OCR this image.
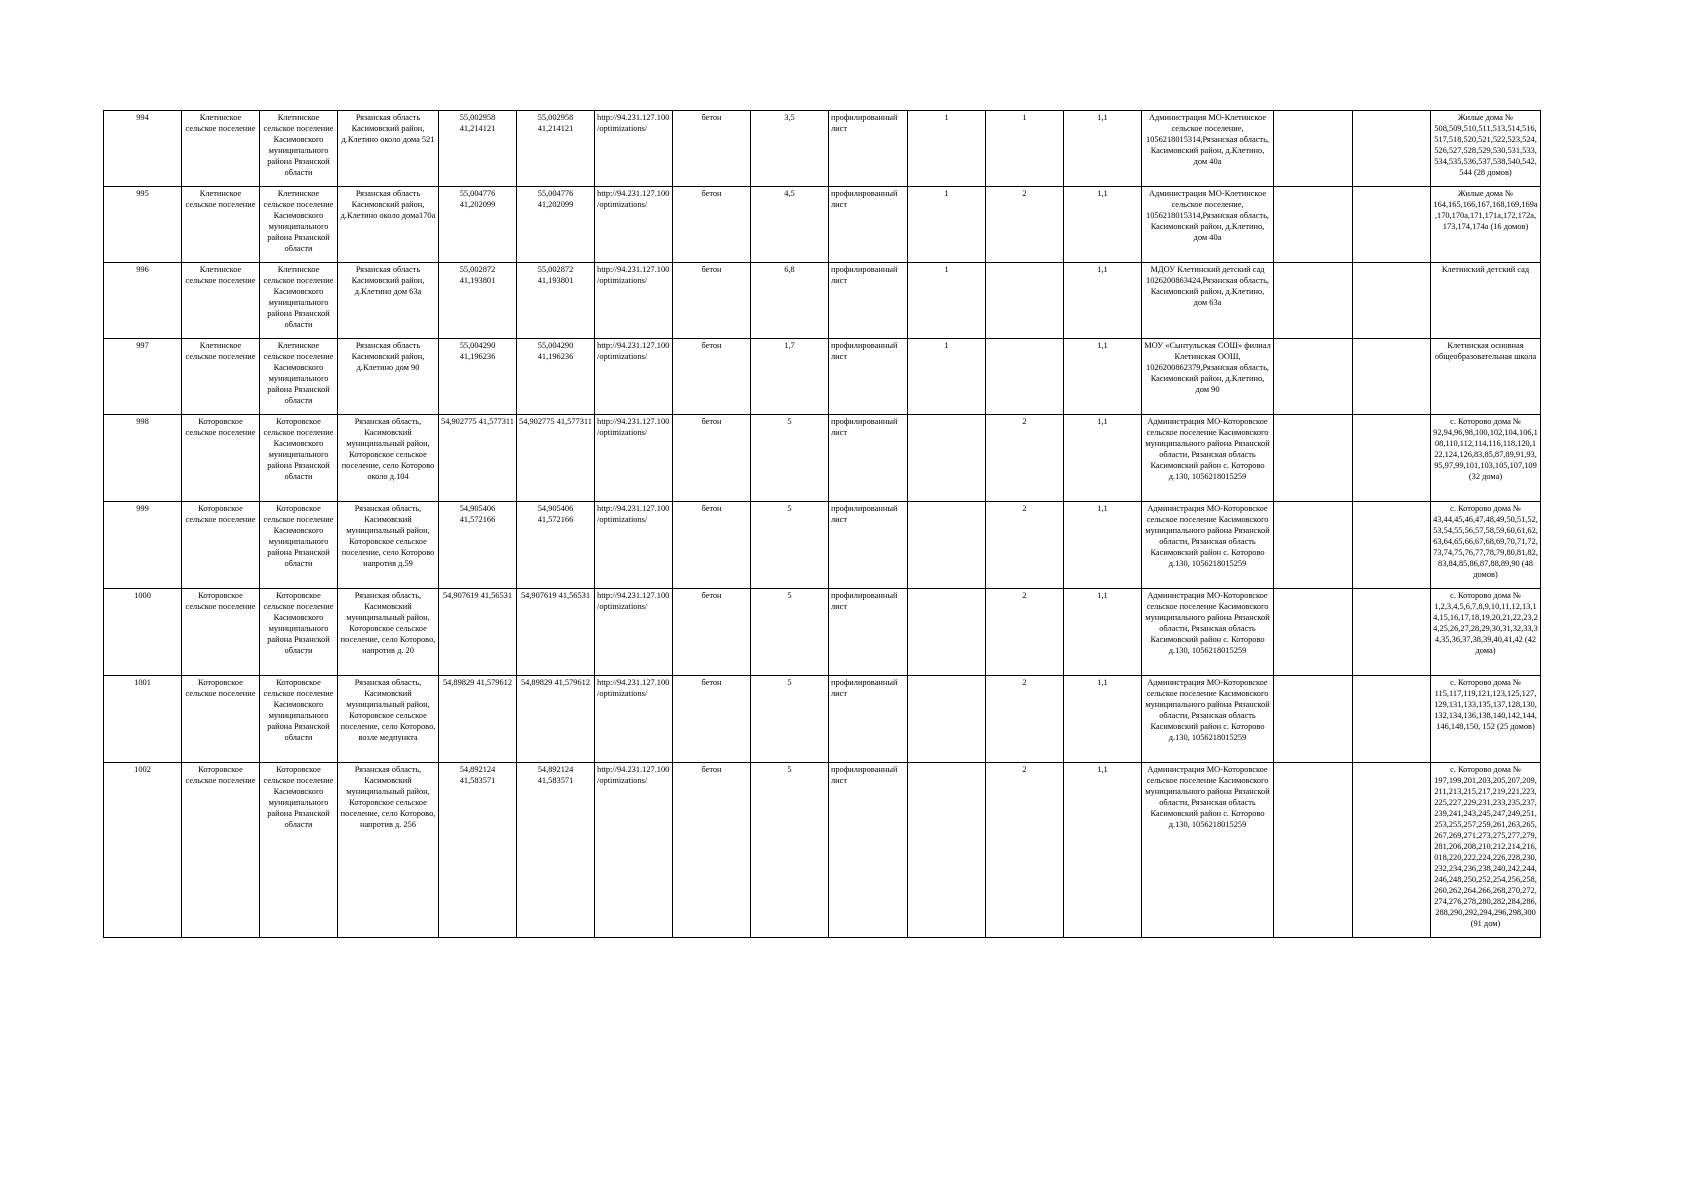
994	Клетинское сельское поселение	Клетинское сельское поселение Касимовского муниципального района Рязанской области	Рязанская область Касимовский район, д.Клетино около дома 521	55,002958 41,214121	55,002958 41,214121	http://94.231.127.100/optimizations/	бетон	3,5	профилированный лист	1	1	1,1	Администрация МО-Клетинское сельское поселение, 1056218015314,Рязанская область, Касимовский район, д.Клетино, дом 40а			Жилые дома № 508,509,510,511,513,514,516,517,518,520,521,522,523,524,526,527,528,529,530,531,533,534,535,536,537,538,540,542,544 (28 домов)
995	Клетинское сельское поселение	Клетинское сельское поселение Касимовского муниципального района Рязанской области	Рязанская область Касимовский район, д.Клетино около дома170а	55,004776 41,202099	55,004776 41,202099	http://94.231.127.100/optimizations/	бетон	4,5	профилированный лист	1	2	1,1	Администрация МО-Клетинское сельское поселение, 1056218015314,Рязанская область, Касимовский район, д.Клетино, дом 40а			Жилые дома № 164,165,166,167,168,169,169а,170,170а,171,171а,172,172а,173,174,174а (16 домов)
996	Клетинское сельское поселение	Клетинское сельское поселение Касимовского муниципального района Рязанской области	Рязанская область Касимовский район, д.Клетино дом 63а	55,002872 41,193801	55,002872 41,193801	http://94.231.127.100/optimizations/	бетон	6,8	профилированный лист	1		1,1	МДОУ Клетинский детский сад 1026200863424,Рязанская область, Касимовский район, д.Клетино, дом 63а			Клетинский детский сад
997	Клетинское сельское поселение	Клетинское сельское поселение Касимовского муниципального района Рязанской области	Рязанская область Касимовский район, д.Клетино дом 90	55,004290 41,196236	55,004290 41,196236	http://94.231.127.100/optimizations/	бетон	1,7	профилированный лист	1		1,1	МОУ «Сынтульская СОШ» филиал Клетинская ООШ, 1026200862379,Рязанская область, Касимовский район, д.Клетино, дом 90			Клетинская основная общеобразовательная школа
998	Которовское сельское поселение	Которовское сельское поселение Касимовского муниципального района Рязанской области	Рязанская область, Касимовский муниципальный район, Которовское сельское поселение, село Которово около д.104	54,902775 41,577311	54,902775 41,577311	http://94.231.127.100/optimizations/	бетон	5	профилированный лист		2	1,1	Администрация МО-Которовское сельское поселение Касимовского муниципального района Рязанской области, Рязанская область Касимовский район с. Которово д.130, 1056218015259			с. Которово дома № 92,94,96,98,100,102,104,106,108,110,112,114,116,118,120,122,124,126,83,85,87,89,91,93,95,97,99,101,103,105,107,109 (32 дома)
999	Которовское сельское поселение	Которовское сельское поселение Касимовского муниципального района Рязанской области	Рязанская область, Касимовский муниципальный район, Которовское сельское поселение, село Которово напротив д.59	54,905406 41,572166	54,905406 41,572166	http://94.231.127.100/optimizations/	бетон	5	профилированный лист		2	1,1	Администрация МО-Которовское сельское поселение Касимовского муниципального района Рязанской области, Рязанская область Касимовский район с. Которово д.130, 1056218015259			с. Которово дома № 43,44,45,46,47,48,49,50,51,52,53,54,55,56,57,58,59,60,61,62,63,64,65,66,67,68,69,70,71,72,73,74,75,76,77,78,79,80,81,82,83,84,85,86,87,88,89,90 (48 домов)
1000	Которовское сельское поселение	Которовское сельское поселение Касимовского муниципального района Рязанской области	Рязанская область, Касимовский муниципальный район, Которовское сельское поселение, село Которово, напротив д. 20	54,907619 41,56531	54,907619 41,56531	http://94.231.127.100/optimizations/	бетон	5	профилированный лист		2	1,1	Администрация МО-Которовское сельское поселение Касимовского муниципального района Рязанской области, Рязанская область Касимовский район с. Которово д.130, 1056218015259			с. Которово дома № 1,2,3,4,5,6,7,8,9,10,11,12,13,14,15,16,17,18,19,20,21,22,23,24,25,26,27,28,29,30,31,32,33,34,35,36,37,38,39,40,41,42 (42 дома)
1001	Которовское сельское поселение	Которовское сельское поселение Касимовского муниципального района Рязанской области	Рязанская область, Касимовский муниципальный район, Которовское сельское поселение, село Которово, возле медпункта	54,89829 41,579612	54,89829 41,579612	http://94.231.127.100/optimizations/	бетон	5	профилированный лист		2	1,1	Администрация МО-Которовское сельское поселение Касимовского муниципального района Рязанской области, Рязанская область Касимовский район с. Которово д.130, 1056218015259			с. Которово дома № 115,117,119,121,123,125,127,129,131,133,135,137,128,130,132,134,136,138,140,142,144,146,148,150, 152 (25 домов)
1002	Которовское сельское поселение	Которовское сельское поселение Касимовского муниципального района Рязанской области	Рязанская область, Касимовский муниципальный район, Которовское сельское поселение, село Которово, напротив д. 256	54,892124 41,583571	54,892124 41,583571	http://94.231.127.100/optimizations/	бетон	5	профилированный лист		2	1,1	Администрация МО-Которовское сельское поселение Касимовского муниципального района Рязанской области, Рязанская область Касимовский район с. Которово д.130, 1056218015259			с. Которово дома № 197,199,201,203,205,207,209,211,213,215,217,219,221,223,225,227,229,231,233,235,237,239,241,243,245,247,249,251,253,255,257,259,261,263,265,267,269,271,273,275,277,279,281,206,208,210,212,214,216,018,220,222,224,226,228,230,232,234,236,238,240,242,244,246,248,250,252,254,256,258,260,262,264,266,268,270,272,274,276,278,280,282,284,286,288,290,292,294,296,298,300 (91 дом)
